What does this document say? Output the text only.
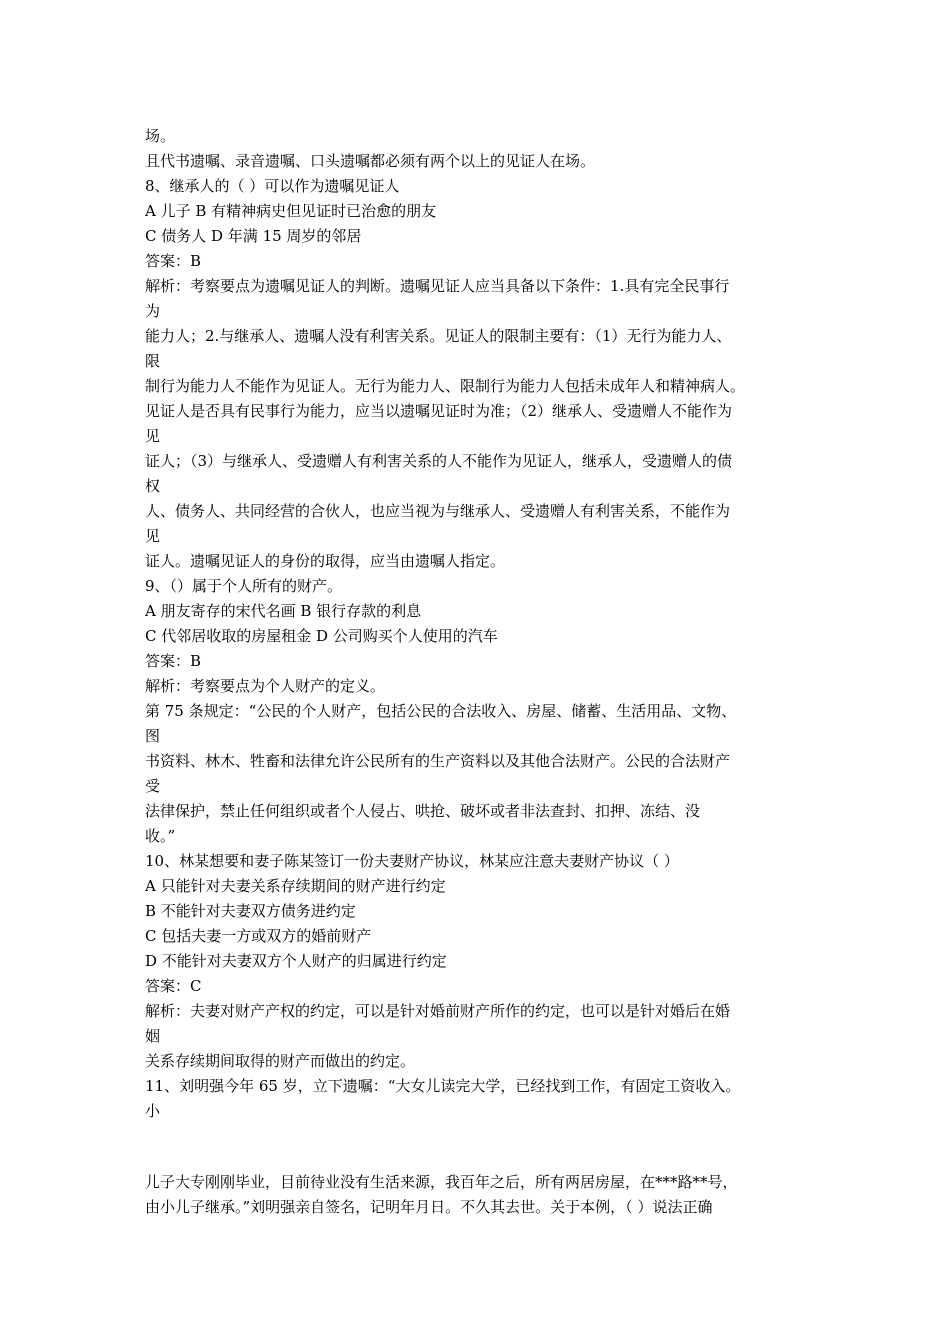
场。
且代书遗嘱、录音遗嘱、口头遗嘱都必须有两个以上的见证人在场。
8、继承人的（ ）可以作为遗嘱见证人
A 儿子 B 有精神病史但见证时已治愈的朋友
C 债务人 D 年满 15 周岁的邻居
答案：B
解析：考察要点为遗嘱见证人的判断。遗嘱见证人应当具备以下条件：1.具有完全民事行
为
能力人；2.与继承人、遗嘱人没有利害关系。见证人的限制主要有：（1）无行为能力人、
限
制行为能力人不能作为见证人。无行为能力人、限制行为能力人包括未成年人和精神病人。
见证人是否具有民事行为能力，应当以遗嘱见证时为准；（2）继承人、受遗赠人不能作为
见
证人；（3）与继承人、受遗赠人有利害关系的人不能作为见证人，继承人，受遗赠人的债
权
人、债务人、共同经营的合伙人，也应当视为与继承人、受遗赠人有利害关系，不能作为
见
证人。遗嘱见证人的身份的取得，应当由遗嘱人指定。
9、（）属于个人所有的财产。
A 朋友寄存的宋代名画 B 银行存款的利息
C 代邻居收取的房屋租金 D 公司购买个人使用的汽车
答案：B
解析：考察要点为个人财产的定义。
第 75 条规定：“公民的个人财产，包括公民的合法收入、房屋、储蓄、生活用品、文物、
图
书资料、林木、牲畜和法律允许公民所有的生产资料以及其他合法财产。公民的合法财产
受
法律保护，禁止任何组织或者个人侵占、哄抢、破坏或者非法查封、扣押、冻结、没
收。”
10、林某想要和妻子陈某签订一份夫妻财产协议，林某应注意夫妻财产协议（ ）
A 只能针对夫妻关系存续期间的财产进行约定
B 不能针对夫妻双方债务进约定
C 包括夫妻一方或双方的婚前财产
D 不能针对夫妻双方个人财产的归属进行约定
答案：C
解析：夫妻对财产产权的约定，可以是针对婚前财产所作的约定，也可以是针对婚后在婚
姻
关系存续期间取得的财产而做出的约定。
11、刘明强今年 65 岁，立下遗嘱：“大女儿读完大学，已经找到工作，有固定工资收入。
小
儿子大专刚刚毕业，目前待业没有生活来源，我百年之后，所有两居房屋，在***路**号，
由小儿子继承。”刘明强亲自签名，记明年月日。不久其去世。关于本例，（ ）说法正确
